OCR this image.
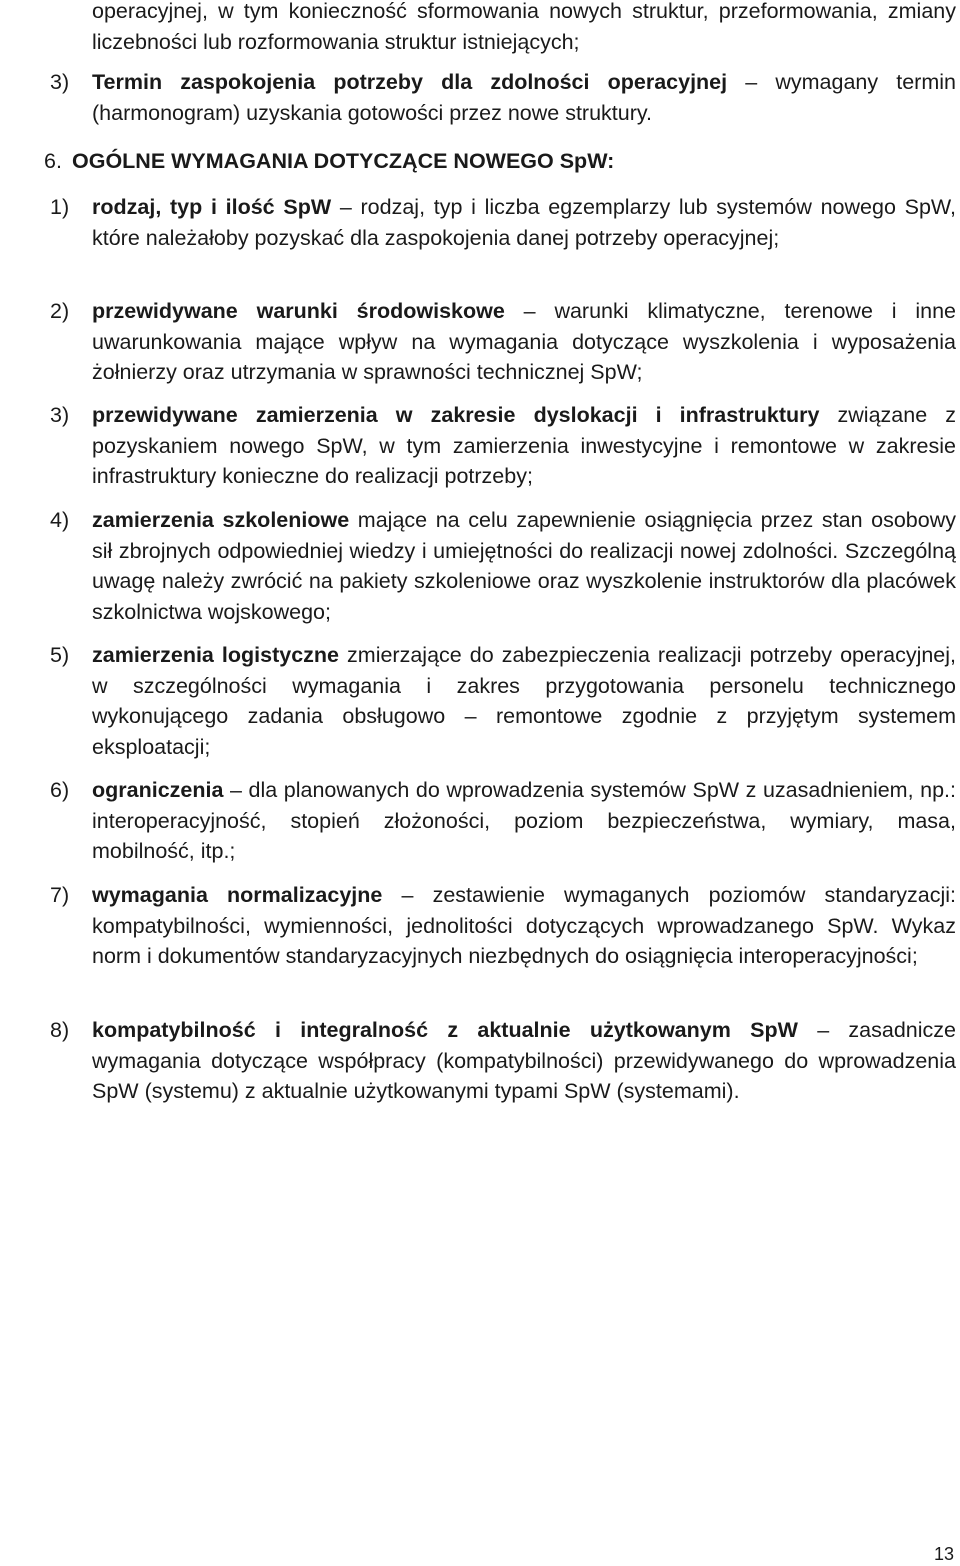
operacyjnej, w tym konieczność sformowania nowych struktur, przeformowania, zmiany liczebności lub rozformowania struktur istniejących;
3)	Termin zaspokojenia potrzeby dla zdolności operacyjnej – wymagany termin (harmonogram) uzyskania gotowości przez nowe struktury.
6. OGÓLNE WYMAGANIA DOTYCZĄCE NOWEGO SpW:
1)	rodzaj, typ i ilość SpW – rodzaj, typ i liczba egzemplarzy lub systemów nowego SpW, które należałoby pozyskać dla zaspokojenia danej potrzeby operacyjnej;
2)	przewidywane warunki środowiskowe – warunki klimatyczne, terenowe i inne uwarunkowania mające wpływ na wymagania dotyczące wyszkolenia i wyposażenia żołnierzy oraz utrzymania w sprawności technicznej SpW;
3)	przewidywane zamierzenia w zakresie dyslokacji i infrastruktury związane z pozyskaniem nowego SpW, w tym zamierzenia inwestycyjne i remontowe w zakresie infrastruktury konieczne do realizacji potrzeby;
4)	zamierzenia szkoleniowe mające na celu zapewnienie osiągnięcia przez stan osobowy sił zbrojnych odpowiedniej wiedzy i umiejętności do realizacji nowej zdolności. Szczególną uwagę należy zwrócić na pakiety szkoleniowe oraz wyszkolenie instruktorów dla placówek szkolnictwa wojskowego;
5)	zamierzenia logistyczne zmierzające do zabezpieczenia realizacji potrzeby operacyjnej, w szczególności wymagania i zakres przygotowania personelu technicznego wykonującego zadania obsługowo – remontowe zgodnie z przyjętym systemem eksploatacji;
6)	ograniczenia – dla planowanych do wprowadzenia systemów SpW z uzasadnieniem, np.: interoperacyjność, stopień złożoności, poziom bezpieczeństwa, wymiary, masa, mobilność, itp.;
7)	wymagania normalizacyjne – zestawienie wymaganych poziomów standaryzacji: kompatybilności, wymienności, jednolitości dotyczących wprowadzanego SpW. Wykaz norm i dokumentów standaryzacyjnych niezbędnych do osiągnięcia interoperacyjności;
8)	kompatybilność i integralność z aktualnie użytkowanym SpW – zasadnicze wymagania dotyczące współpracy (kompatybilności) przewidywanego do wprowadzenia SpW (systemu) z aktualnie użytkowanymi typami SpW (systemami).
13
